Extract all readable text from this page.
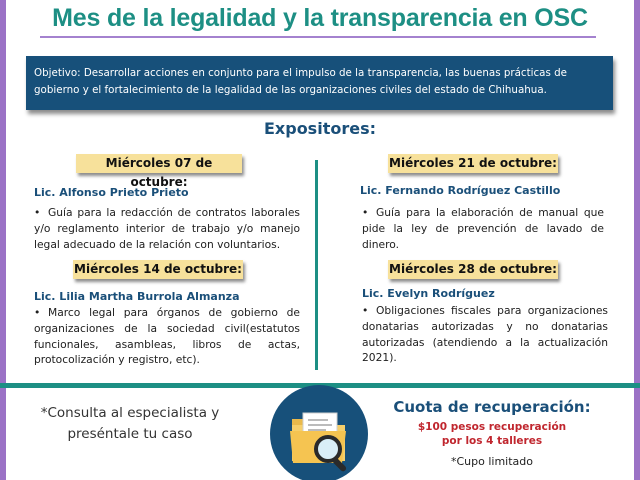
Mes de la legalidad y la transparencia en OSC
Objetivo: Desarrollar acciones en conjunto para el impulso de la transparencia, las buenas prácticas de gobierno y el fortalecimiento de la legalidad de las organizaciones civiles del estado de Chihuahua.
Expositores:
Miércoles 07 de octubre:
Lic. Alfonso Prieto Prieto
• Guía para la redacción de contratos laborales y/o reglamento interior de trabajo y/o manejo legal adecuado de la relación con voluntarios.
Miércoles 14 de octubre:
Lic. Lilia Martha Burrola Almanza
• Marco legal para órganos de gobierno de organizaciones de la sociedad civil(estatutos funcionales, asambleas, libros de actas, protocolización y registro, etc).
Miércoles 21 de octubre:
Lic. Fernando Rodríguez Castillo
• Guía para la elaboración de manual que pide la ley de prevención de lavado de dinero.
Miércoles 28 de octubre:
Lic. Evelyn Rodríguez
• Obligaciones fiscales para organizaciones donatarias autorizadas y no donatarias autorizadas (atendiendo a la actualización 2021).
*Consulta al especialista y
preséntale tu caso
Cuota de recuperación:
$100 pesos recuperación
por los 4 talleres
*Cupo limitado
